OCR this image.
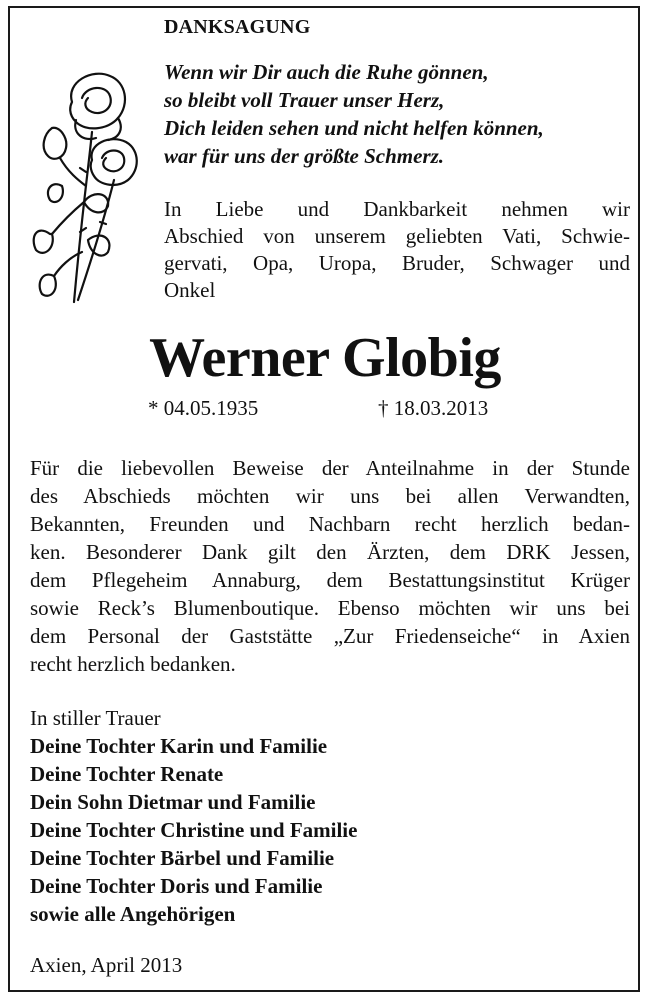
DANKSAGUNG
Wenn wir Dir auch die Ruhe gönnen,
so bleibt voll Trauer unser Herz,
Dich leiden sehen und nicht helfen können,
war für uns der größte Schmerz.
In Liebe und Dankbarkeit nehmen wir
Abschied von unserem geliebten Vati, Schwie-
gervati, Opa, Uropa, Bruder, Schwager und
Onkel
Werner Globig
* 04.05.1935	† 18.03.2013
Für die liebevollen Beweise der Anteilnahme in der Stunde
des Abschieds möchten wir uns bei allen Verwandten,
Bekannten, Freunden und Nachbarn recht herzlich bedan-
ken. Besonderer Dank gilt den Ärzten, dem DRK Jessen,
dem Pflegeheim Annaburg, dem Bestattungsinstitut Krüger
sowie Reck’s Blumenboutique. Ebenso möchten wir uns bei
dem Personal der Gaststätte „Zur Friedenseiche“ in Axien
recht herzlich bedanken.
In stiller Trauer
Deine Tochter Karin und Familie
Deine Tochter Renate
Dein Sohn Dietmar und Familie
Deine Tochter Christine und Familie
Deine Tochter Bärbel und Familie
Deine Tochter Doris und Familie
sowie alle Angehörigen
Axien, April 2013
